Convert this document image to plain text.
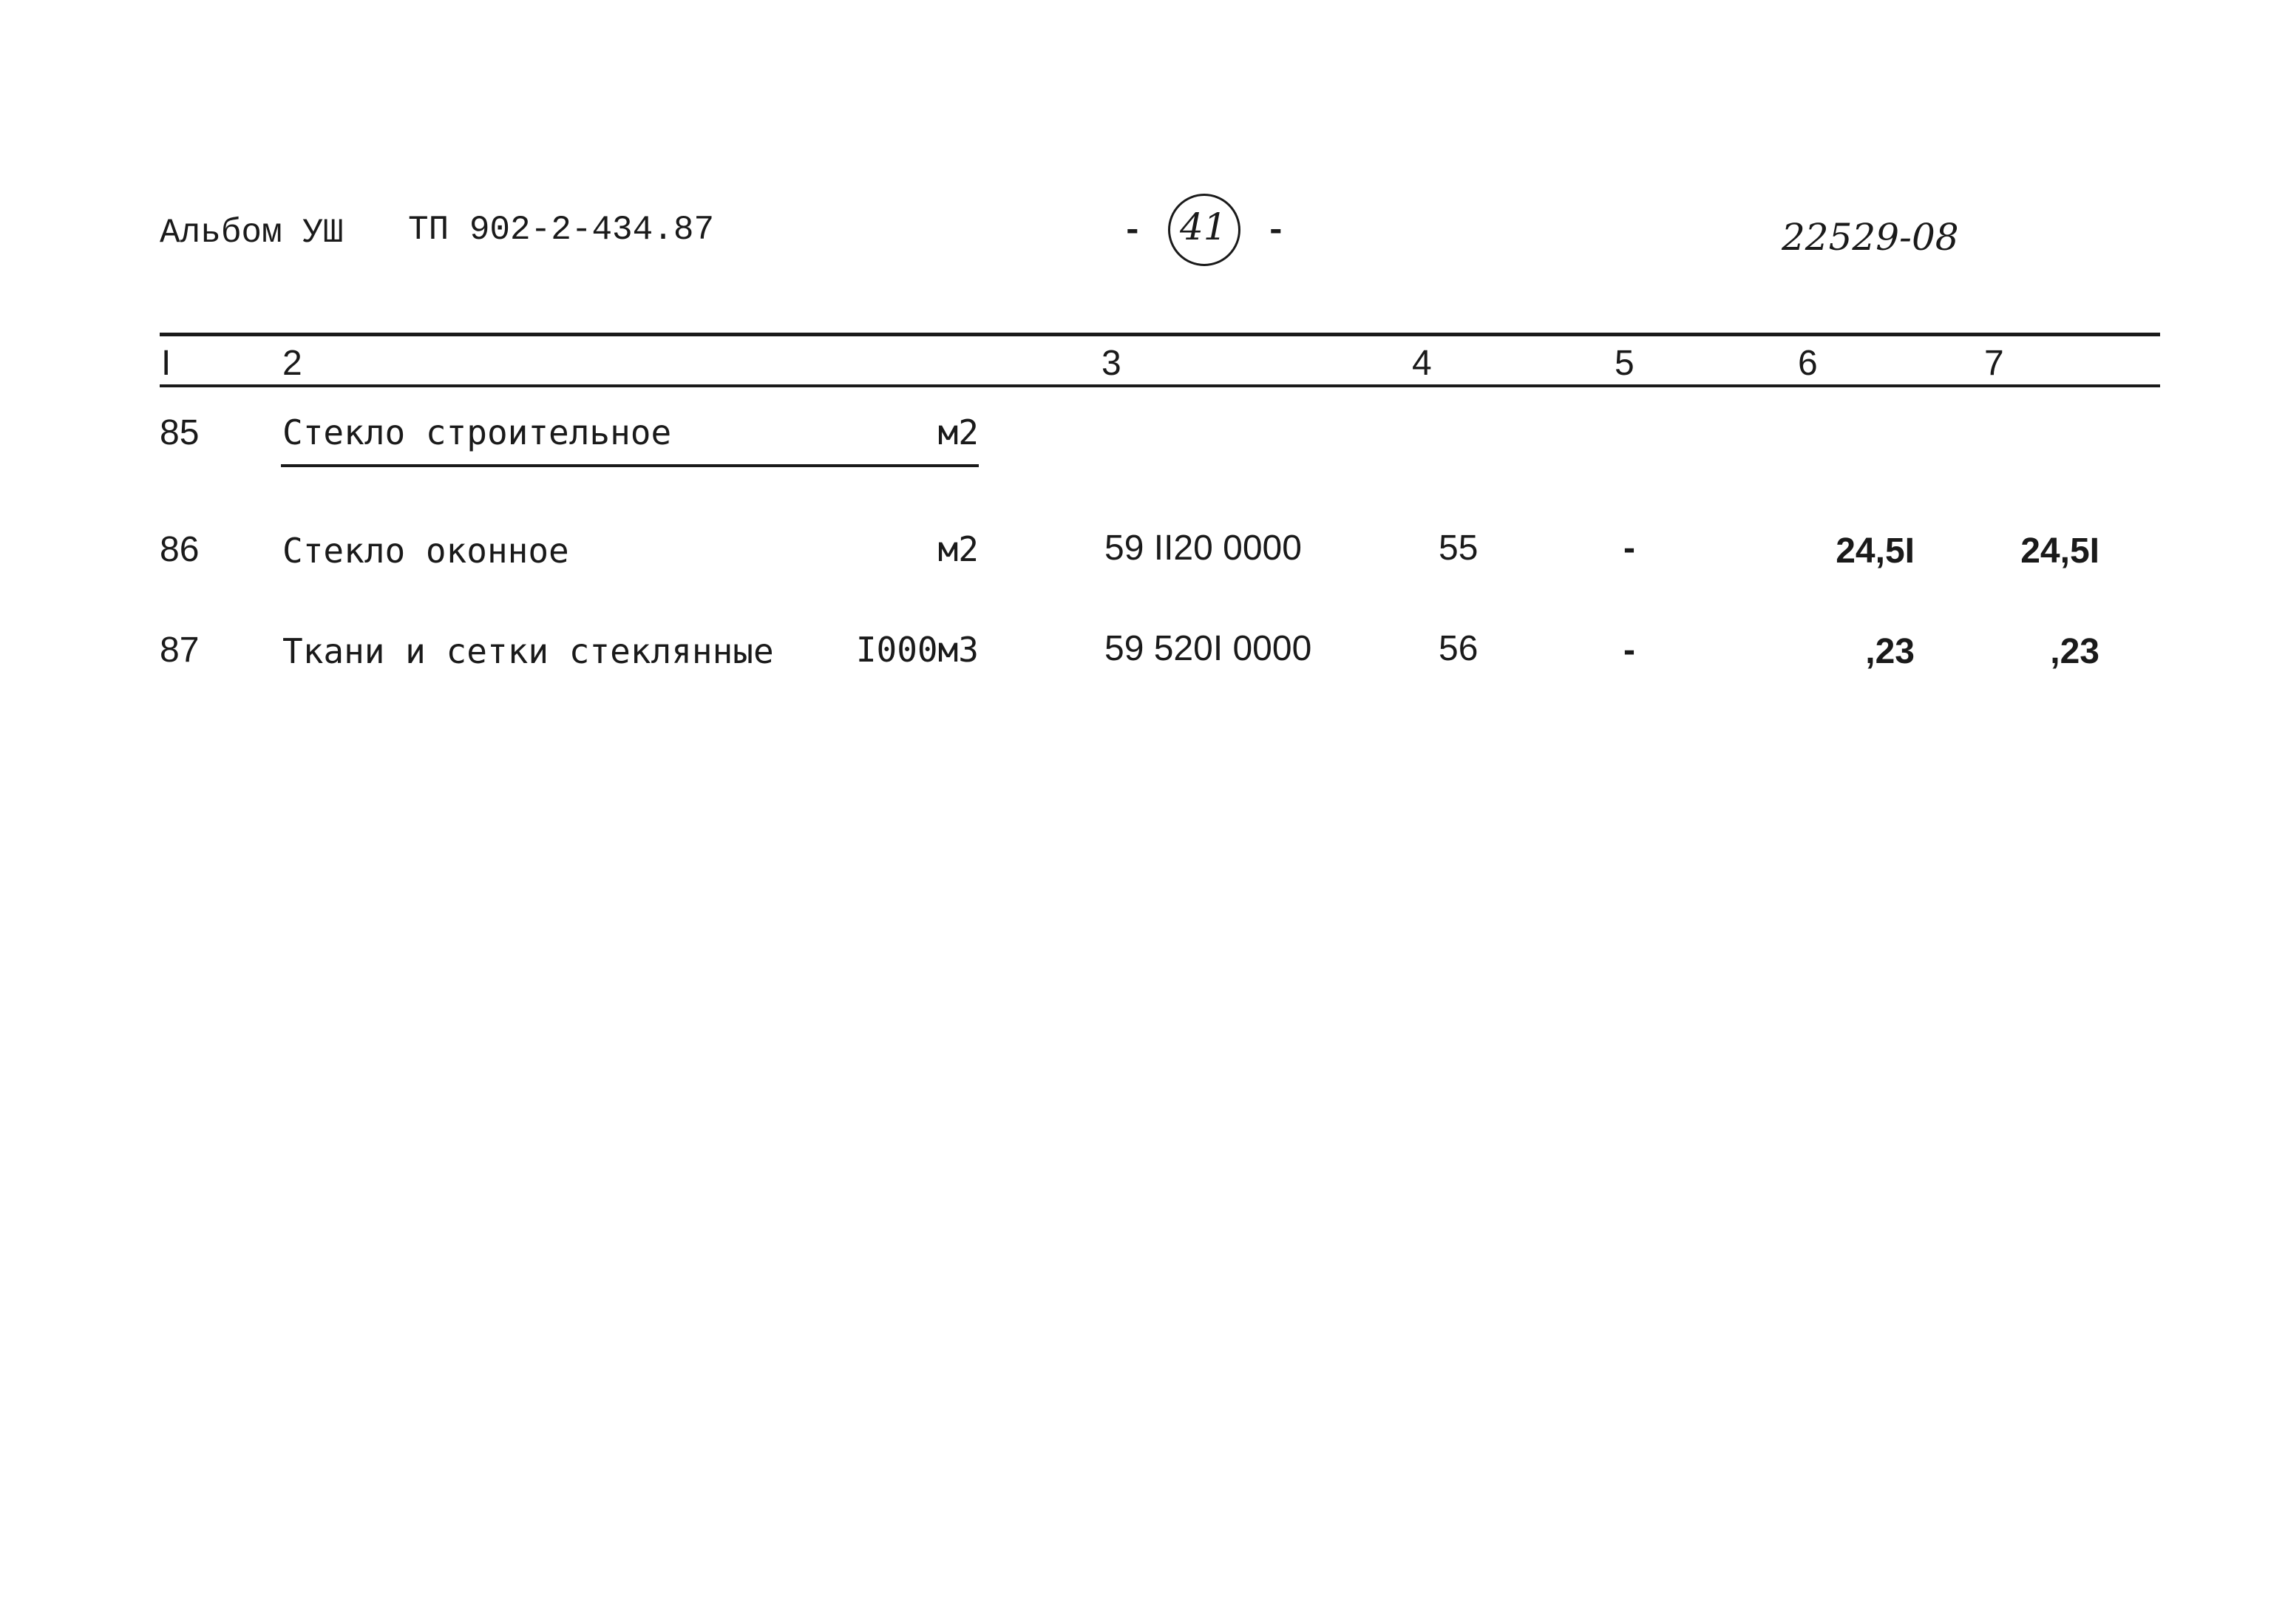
Альбом УШ ТП 902-2-434.87	- 41 -	22529-08
I	2	3	4	5	6	7
85 Стекло строительное	м2
86 Стекло оконное	м2	59 II20 0000	55	-	24,5I	24,5I
87 Ткани и сетки стеклянные	I000м3	59 520I 0000	56	-	,23	,23
